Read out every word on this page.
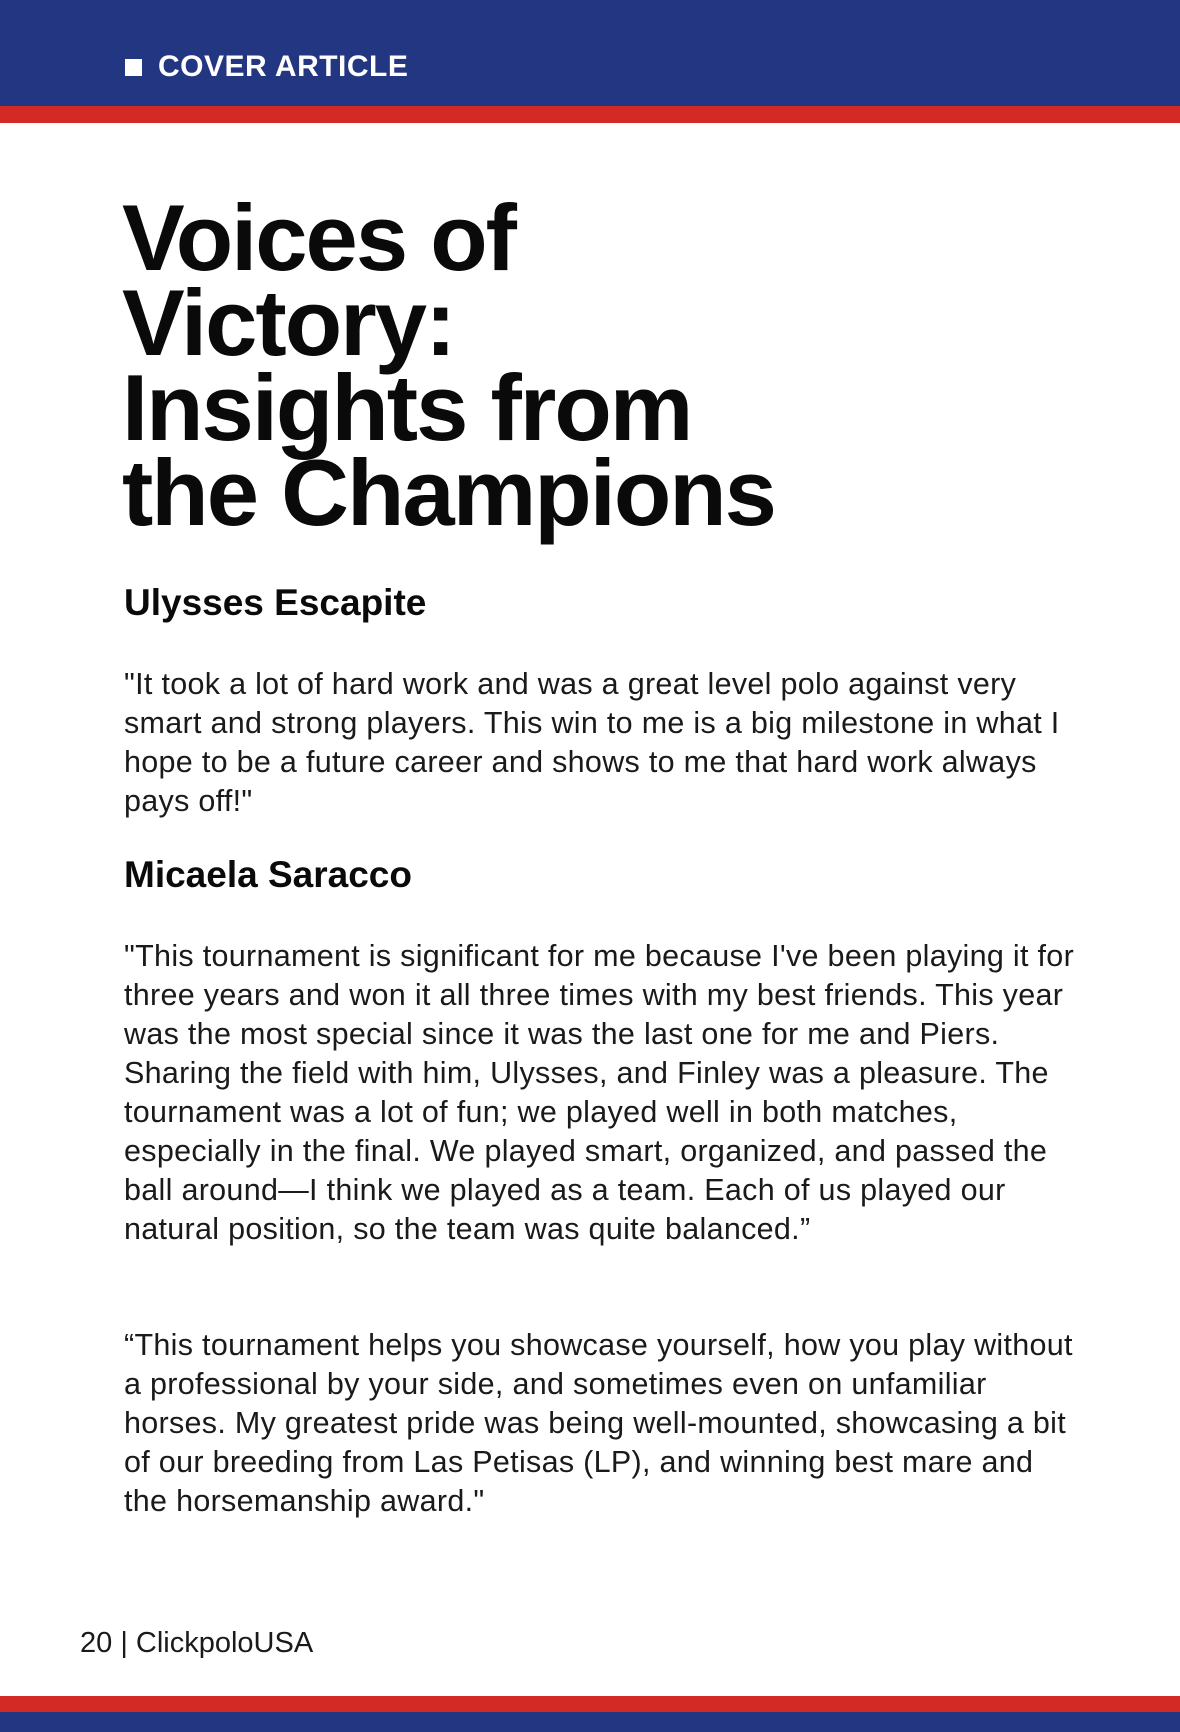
COVER ARTICLE
Voices of
Victory:
Insights from
the Champions
Ulysses Escapite

"It took a lot of hard work and was a great level polo against very smart and strong players. This win to me is a big milestone in what I hope to be a future career and shows to me that hard work always pays off!"

Micaela Saracco

"This tournament is significant for me because I've been playing it for three years and won it all three times with my best friends. This year was the most special since it was the last one for me and Piers. Sharing the field with him, Ulysses, and Finley was a pleasure. The tournament was a lot of fun; we played well in both matches, especially in the final. We played smart, organized, and passed the ball around—I think we played as a team. Each of us played our natural position, so the team was quite balanced.”

“This tournament helps you showcase yourself, how you play without a professional by your side, and sometimes even on unfamiliar horses. My greatest pride was being well-mounted, showcasing a bit of our breeding from Las Petisas (LP), and winning best mare and the horsemanship award."

20 | ClickpoloUSA
